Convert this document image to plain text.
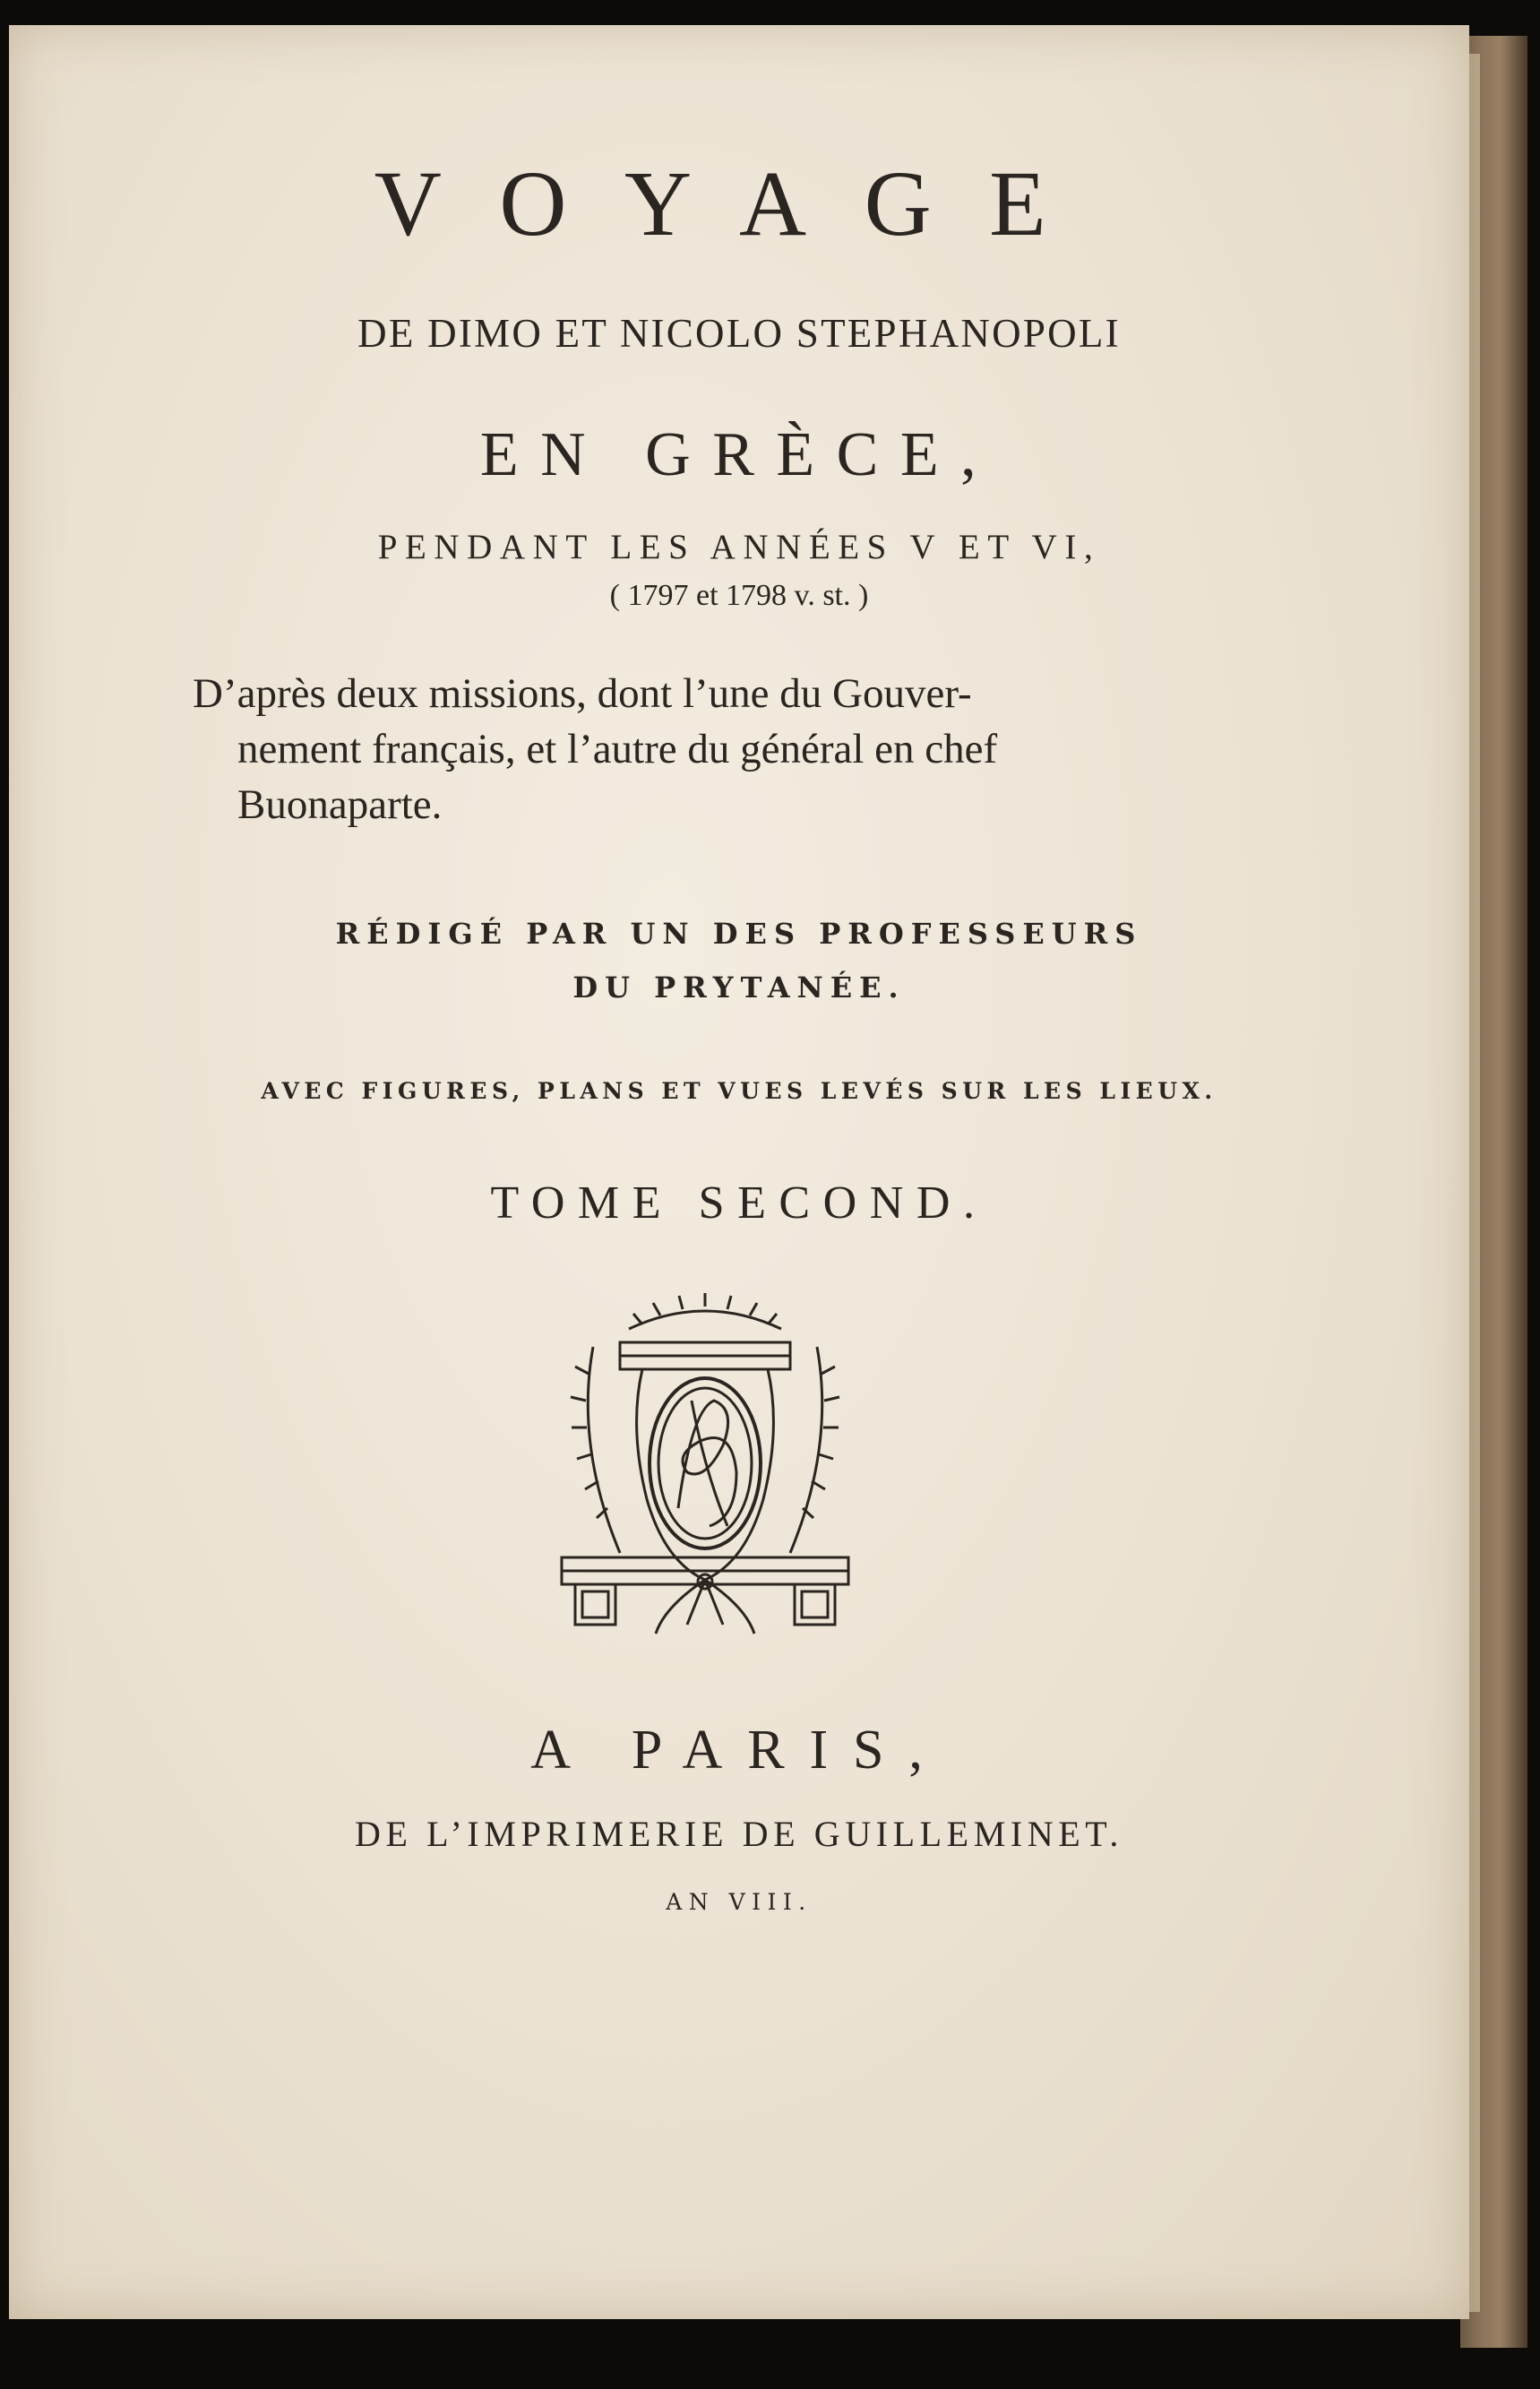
VOYAGE
DE DIMO ET NICOLO STEPHANOPOLI
EN GRÈCE,
PENDANT LES ANNÉES V ET VI,
( 1797 et 1798 v. st. )
D’après deux missions, dont l’une du Gouver-
nement français, et l’autre du général en chef
Buonaparte.
RÉDIGÉ PAR UN DES PROFESSEURS
DU PRYTANÉE.
AVEC FIGURES, PLANS ET VUES LEVÉS SUR LES LIEUX.
TOME SECOND.
A PARIS,
DE L’IMPRIMERIE DE GUILLEMINET.
AN VIII.
